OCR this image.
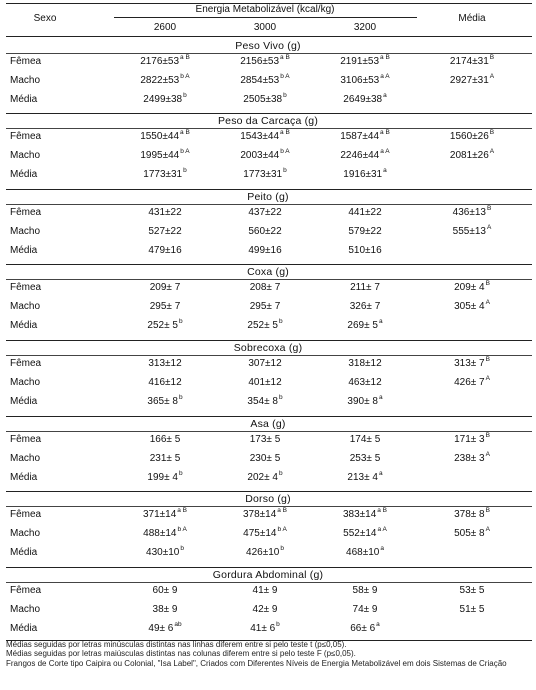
Sexo
Energia Metabolizável (kcal/kg)
2600	3000	3200
Média
Peso Vivo (g)
Fêmea	$2176\pm 53^{a B}$	$2156\pm 53^{a B}$	$2191\pm 53^{a B}$	$2174\pm 31^B$
Macho	$2822\pm 53^{b A}$	$2854\pm 53^{b A}$	$3106\pm 53^{a A}$	$2927\pm 31^A$
Média	$2499\pm 38^b$	$2505\pm 38^b$	$2649\pm 38^a$
Peso da Carcaça (g)
Fêmea	$1550\pm 44^{a B}$	$1543\pm 44^{a B}$	$1587\pm 44^{a B}$	$1560\pm 26^B$
Macho	$1995\pm 44^{b A}$	$2003\pm 44^{b A}$	$2246\pm 44^{a A}$	$2081\pm 26^A$
Média	$1773\pm 31^b$	$1773\pm 31^b$	$1916\pm 31^a$
Peito (g)
Fêmea	431±22	437±22	441±22	$436\pm 13^B$
Macho	527±22	560±22	579±22	$555\pm 13^A$
Média	479±16	499±16	510±16
Coxa (g)
Fêmea	209± 7	208± 7	211± 7	$209\pm 4^B$
Macho	295± 7	295± 7	326± 7	$305\pm 4^A$
Média	$252\pm 5^b$	$252\pm 5^b$	$269\pm 5^a$
Sobrecoxa (g)
Fêmea	313±12	307±12	318±12	$313\pm 7^B$
Macho	416±12	401±12	463±12	$426\pm 7^A$
Média	$365\pm 8^b$	$354\pm 8^b$	$390\pm 8^a$
Asa (g)
Fêmea	166± 5	173± 5	174± 5	$171\pm 3^B$
Macho	231± 5	230± 5	253± 5	$238\pm 3^A$
Média	$199\pm 4^b$	$202\pm 4^b$	$213\pm 4^a$
Dorso (g)
Fêmea	$371\pm 14^{a B}$	$378\pm 14^{a B}$	$383\pm 14^{a B}$	$378\pm 8^B$
Macho	$488\pm 14^{b A}$	$475\pm 14^{b A}$	$552\pm 14^{a A}$	$505\pm 8^A$
Média	$430\pm 10^b$	$426\pm 10^b$	$468\pm 10^a$
Gordura Abdominal (g)
Fêmea	60± 9	41± 9	58± 9	53± 5
Macho	38± 9	42± 9	74± 9	51± 5
Média	$49\pm 6^{ab}$	$41\pm 6^b$	$66\pm 6^a$
Médias seguidas por letras minúsculas distintas nas linhas diferem entre si pelo teste t (p≤0,05).
Médias seguidas por letras maiúsculas distintas nas colunas diferem entre si pelo teste F (p≤0,05).
Frangos de Corte tipo Caipira ou Colonial, "Isa Label", Criados com Diferentes Níveis de Energia Metabolizável em dois Sistemas de Criação
